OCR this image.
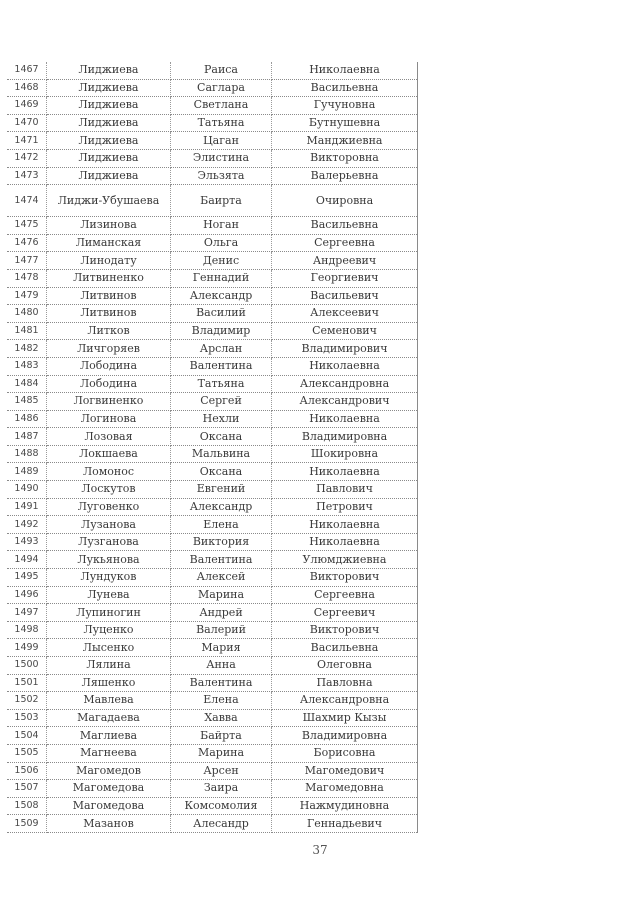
1467	Лиджиева	Раиса	Николаевна
1468	Лиджиева	Саглара	Васильевна
1469	Лиджиева	Светлана	Гучуновна
1470	Лиджиева	Татьяна	Бутнушевна
1471	Лиджиева	Цаган	Манджиевна
1472	Лиджиева	Элистина	Викторовна
1473	Лиджиева	Эльзята	Валерьевна
1474	Лиджи-Убушаева	Баирта	Очировна
1475	Лизинова	Ноган	Васильевна
1476	Лиманская	Ольга	Сергеевна
1477	Линодату	Денис	Андреевич
1478	Литвиненко	Геннадий	Георгиевич
1479	Литвинов	Александр	Васильевич
1480	Литвинов	Василий	Алексеевич
1481	Литков	Владимир	Семенович
1482	Личгоряев	Арслан	Владимирович
1483	Лободина	Валентина	Николаевна
1484	Лободина	Татьяна	Александровна
1485	Логвиненко	Сергей	Александрович
1486	Логинова	Нехли	Николаевна
1487	Лозовая	Оксана	Владимировна
1488	Локшаева	Мальвина	Шокировна
1489	Ломонос	Оксана	Николаевна
1490	Лоскутов	Евгений	Павлович
1491	Луговенко	Александр	Петрович
1492	Лузанова	Елена	Николаевна
1493	Лузганова	Виктория	Николаевна
1494	Лукьянова	Валентина	Улюмджиевна
1495	Лундуков	Алексей	Викторович
1496	Лунева	Марина	Сергеевна
1497	Лупиногин	Андрей	Сергеевич
1498	Луценко	Валерий	Викторович
1499	Лысенко	Мария	Васильевна
1500	Лялина	Анна	Олеговна
1501	Ляшенко	Валентина	Павловна
1502	Мавлева	Елена	Александровна
1503	Магадаева	Хавва	Шахмир Кызы
1504	Маглиева	Байрта	Владимировна
1505	Магнеева	Марина	Борисовна
1506	Магомедов	Арсен	Магомедович
1507	Магомедова	Заира	Магомедовна
1508	Магомедова	Комсомолия	Нажмудиновна
1509	Мазанов	Алесандр	Геннадьевич
37
